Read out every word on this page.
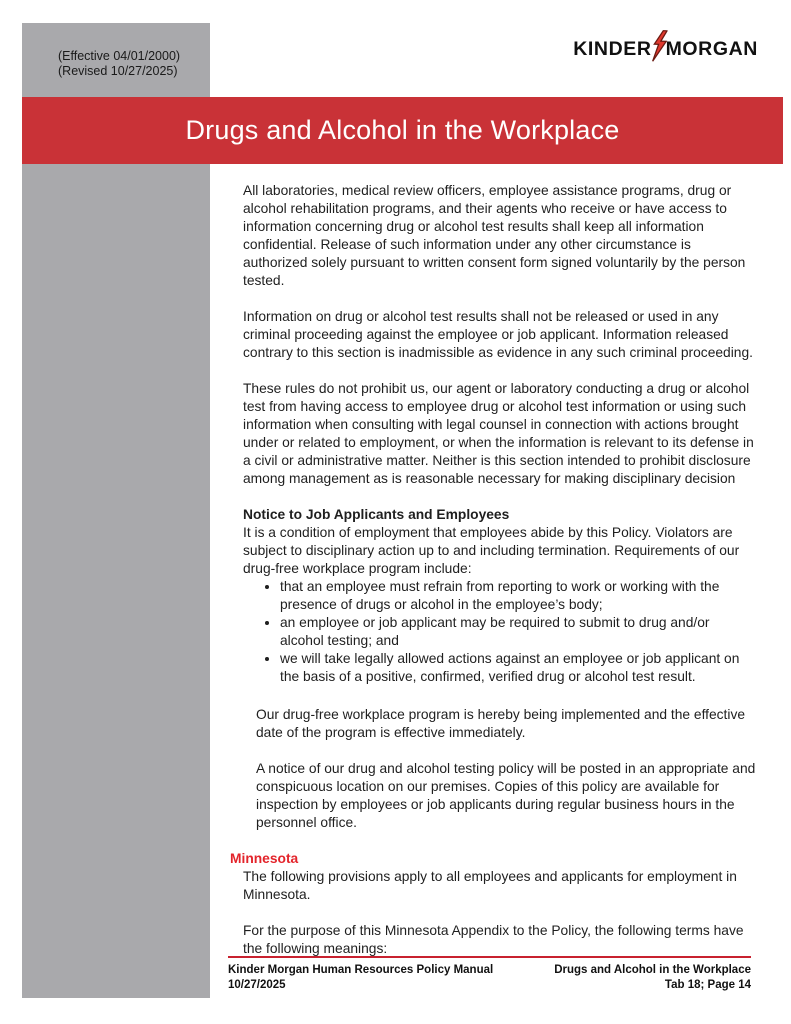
(Effective 04/01/2000)
(Revised 10/27/2025)
KINDER MORGAN
Drugs and Alcohol in the Workplace

All laboratories, medical review officers, employee assistance programs, drug or alcohol rehabilitation programs, and their agents who receive or have access to information concerning drug or alcohol test results shall keep all information confidential. Release of such information under any other circumstance is authorized solely pursuant to written consent form signed voluntarily by the person tested.

Information on drug or alcohol test results shall not be released or used in any criminal proceeding against the employee or job applicant. Information released contrary to this section is inadmissible as evidence in any such criminal proceeding.

These rules do not prohibit us, our agent or laboratory conducting a drug or alcohol test from having access to employee drug or alcohol test information or using such information when consulting with legal counsel in connection with actions brought under or related to employment, or when the information is relevant to its defense in a civil or administrative matter. Neither is this section intended to prohibit disclosure among management as is reasonable necessary for making disciplinary decision

Notice to Job Applicants and Employees

It is a condition of employment that employees abide by this Policy. Violators are subject to disciplinary action up to and including termination. Requirements of our drug-free workplace program include:

• that an employee must refrain from reporting to work or working with the presence of drugs or alcohol in the employee’s body;
• an employee or job applicant may be required to submit to drug and/or alcohol testing; and
• we will take legally allowed actions against an employee or job applicant on the basis of a positive, confirmed, verified drug or alcohol test result.

Our drug-free workplace program is hereby being implemented and the effective date of the program is effective immediately.

A notice of our drug and alcohol testing policy will be posted in an appropriate and conspicuous location on our premises. Copies of this policy are available for inspection by employees or job applicants during regular business hours in the personnel office.

Minnesota

The following provisions apply to all employees and applicants for employment in Minnesota.

For the purpose of this Minnesota Appendix to the Policy, the following terms have the following meanings:

Kinder Morgan Human Resources Policy Manual
10/27/2025
Drugs and Alcohol in the Workplace
Tab 18; Page 14
